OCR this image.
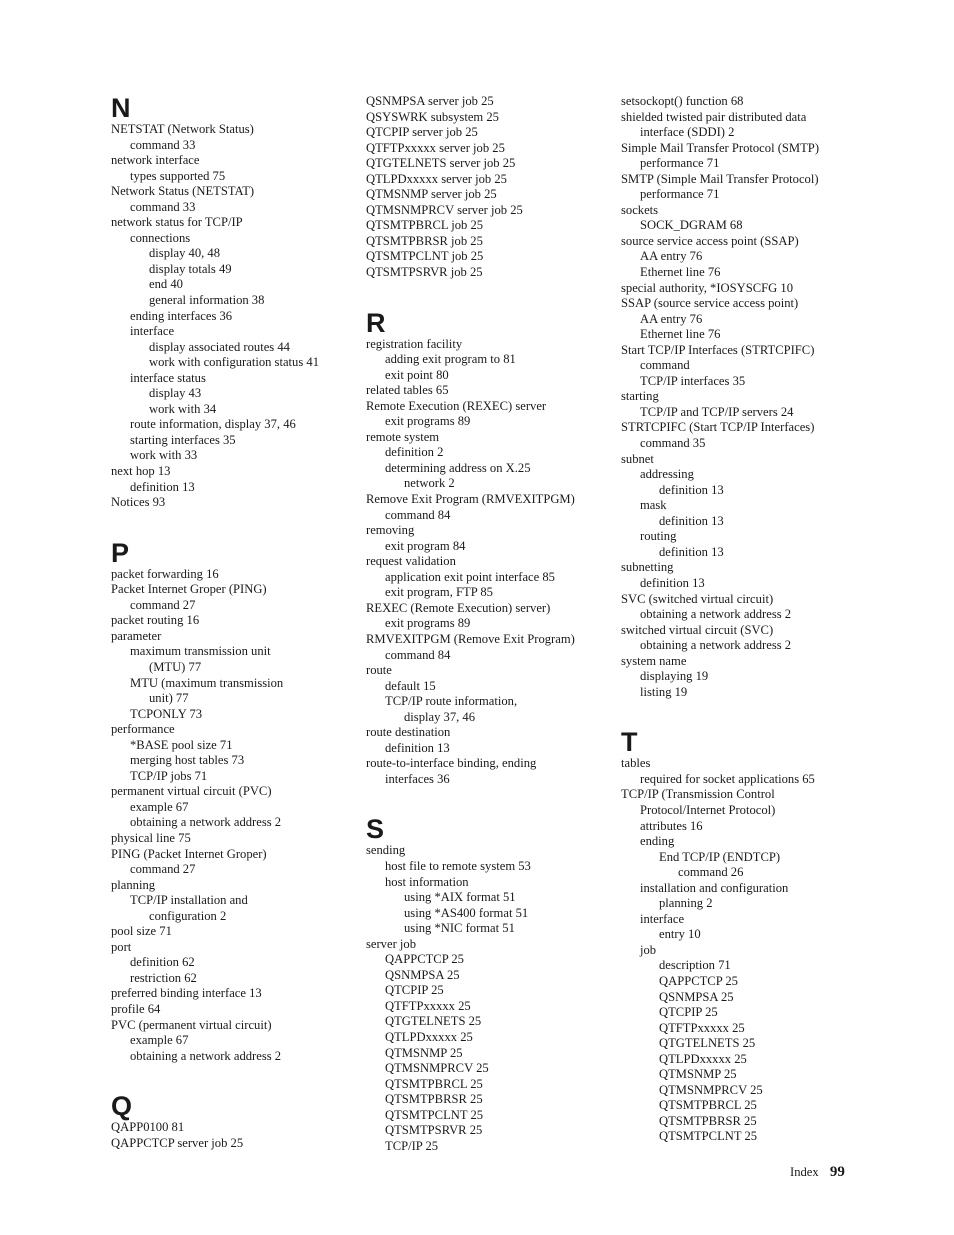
N
NETSTAT (Network Status)
command 33
network interface
types supported 75
Network Status (NETSTAT)
command 33
network status for TCP/IP
connections
display 40, 48
display totals 49
end 40
general information 38
ending interfaces 36
interface
display associated routes 44
work with configuration status 41
interface status
display 43
work with 34
route information, display 37, 46
starting interfaces 35
work with 33
next hop 13
definition 13
Notices 93
P
packet forwarding 16
Packet Internet Groper (PING)
command 27
packet routing 16
parameter
maximum transmission unit
(MTU) 77
MTU (maximum transmission
unit) 77
TCPONLY 73
performance
*BASE pool size 71
merging host tables 73
TCP/IP jobs 71
permanent virtual circuit (PVC)
example 67
obtaining a network address 2
physical line 75
PING (Packet Internet Groper)
command 27
planning
TCP/IP installation and
configuration 2
pool size 71
port
definition 62
restriction 62
preferred binding interface 13
profile 64
PVC (permanent virtual circuit)
example 67
obtaining a network address 2
Q
QAPP0100 81
QAPPCTCP server job 25
QSNMPSA server job 25
QSYSWRK subsystem 25
QTCPIP server job 25
QTFTPxxxxx server job 25
QTGTELNETS server job 25
QTLPDxxxxx server job 25
QTMSNMP server job 25
QTMSNMPRCV server job 25
QTSMTPBRCL job 25
QTSMTPBRSR job 25
QTSMTPCLNT job 25
QTSMTPSRVR job 25
R
registration facility
adding exit program to 81
exit point 80
related tables 65
Remote Execution (REXEC) server
exit programs 89
remote system
definition 2
determining address on X.25
network 2
Remove Exit Program (RMVEXITPGM)
command 84
removing
exit program 84
request validation
application exit point interface 85
exit program, FTP 85
REXEC (Remote Execution) server)
exit programs 89
RMVEXITPGM (Remove Exit Program)
command 84
route
default 15
TCP/IP route information,
display 37, 46
route destination
definition 13
route-to-interface binding, ending
interfaces 36
S
sending
host file to remote system 53
host information
using *AIX format 51
using *AS400 format 51
using *NIC format 51
server job
QAPPCTCP 25
QSNMPSA 25
QTCPIP 25
QTFTPxxxxx 25
QTGTELNETS 25
QTLPDxxxxx 25
QTMSNMP 25
QTMSNMPRCV 25
QTSMTPBRCL 25
QTSMTPBRSR 25
QTSMTPCLNT 25
QTSMTPSRVR 25
TCP/IP 25
setsockopt() function 68
shielded twisted pair distributed data
interface (SDDI) 2
Simple Mail Transfer Protocol (SMTP)
performance 71
SMTP (Simple Mail Transfer Protocol)
performance 71
sockets
SOCK_DGRAM 68
source service access point (SSAP)
AA entry 76
Ethernet line 76
special authority, *IOSYSCFG 10
SSAP (source service access point)
AA entry 76
Ethernet line 76
Start TCP/IP Interfaces (STRTCPIFC)
command
TCP/IP interfaces 35
starting
TCP/IP and TCP/IP servers 24
STRTCPIFC (Start TCP/IP Interfaces)
command 35
subnet
addressing
definition 13
mask
definition 13
routing
definition 13
subnetting
definition 13
SVC (switched virtual circuit)
obtaining a network address 2
switched virtual circuit (SVC)
obtaining a network address 2
system name
displaying 19
listing 19
T
tables
required for socket applications 65
TCP/IP (Transmission Control
Protocol/Internet Protocol)
attributes 16
ending
End TCP/IP (ENDTCP)
command 26
installation and configuration
planning 2
interface
entry 10
job
description 71
QAPPCTCP 25
QSNMPSA 25
QTCPIP 25
QTFTPxxxxx 25
QTGTELNETS 25
QTLPDxxxxx 25
QTMSNMP 25
QTMSNMPRCV 25
QTSMTPBRCL 25
QTSMTPBRSR 25
QTSMTPCLNT 25
Index 99
